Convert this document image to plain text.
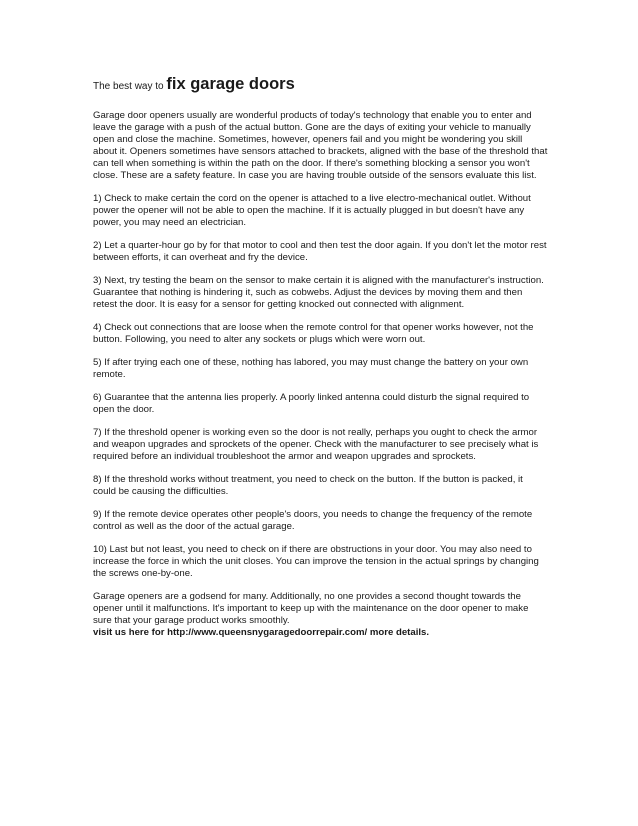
The best way to fix garage doors

Garage door openers usually are wonderful products of today's technology that enable you to enter and leave the garage with a push of the actual button. Gone are the days of exiting your vehicle to manually open and close the machine. Sometimes, however, openers fail and you might be wondering you skill about it. Openers sometimes have sensors attached to brackets, aligned with the base of the threshold that can tell when something is within the path on the door. If there's something blocking a sensor you won't close. These are a safety feature. In case you are having trouble outside of the sensors evaluate this list.

1) Check to make certain the cord on the opener is attached to a live electro-mechanical outlet. Without power the opener will not be able to open the machine. If it is actually plugged in but doesn't have any power, you may need an electrician.

2) Let a quarter-hour go by for that motor to cool and then test the door again. If you don't let the motor rest between efforts, it can overheat and fry the device.

3) Next, try testing the beam on the sensor to make certain it is aligned with the manufacturer's instruction. Guarantee that nothing is hindering it, such as cobwebs. Adjust the devices by moving them and then retest the door. It is easy for a sensor for getting knocked out connected with alignment.

4) Check out connections that are loose when the remote control for that opener works however, not the button. Following, you need to alter any sockets or plugs which were worn out.

5) If after trying each one of these, nothing has labored, you may must change the battery on your own remote.

6) Guarantee that the antenna lies properly. A poorly linked antenna could disturb the signal required to open the door.

7) If the threshold opener is working even so the door is not really, perhaps you ought to check the armor and weapon upgrades and sprockets of the opener. Check with the manufacturer to see precisely what is required before an individual troubleshoot the armor and weapon upgrades and sprockets.

8) If the threshold works without treatment, you need to check on the button. If the button is packed, it could be causing the difficulties.

9) If the remote device operates other people's doors, you needs to change the frequency of the remote control as well as the door of the actual garage.

10) Last but not least, you need to check on if there are obstructions in your door. You may also need to increase the force in which the unit closes. You can improve the tension in the actual springs by changing the screws one-by-one.

Garage openers are a godsend for many. Additionally, no one provides a second thought towards the opener until it malfunctions. It's important to keep up with the maintenance on the door opener to make sure that your garage product works smoothly.
visit us here for http://www.queensnygaragedoorrepair.com/ more details.
